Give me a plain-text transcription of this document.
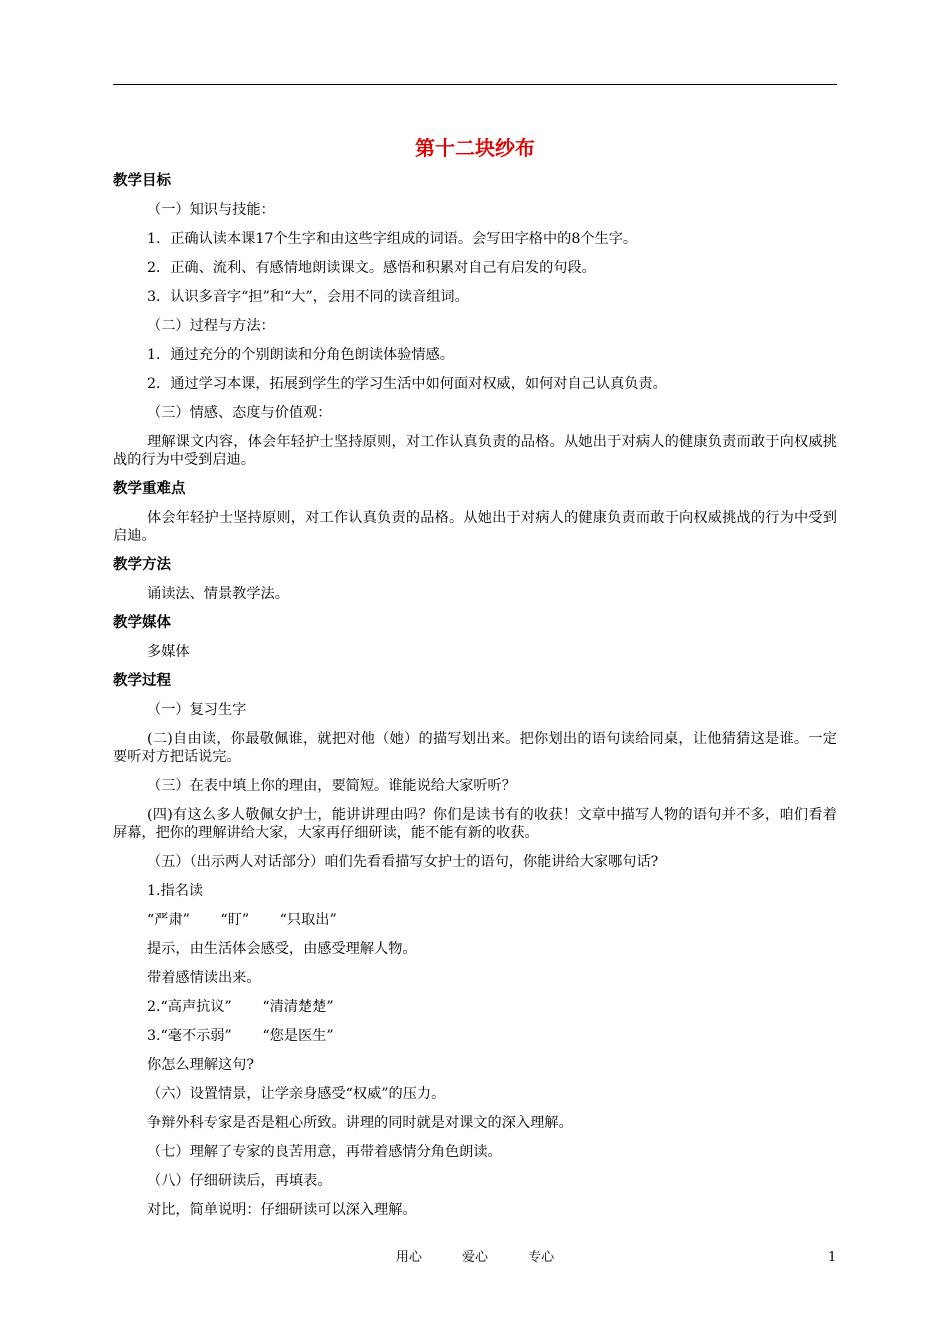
第十二块纱布
教学目标
（一）知识与技能：
1．正确认读本课17个生字和由这些字组成的词语。会写田字格中的8个生字。
2．正确、流利、有感情地朗读课文。感悟和积累对自己有启发的句段。
3．认识多音字“担”和“大”，会用不同的读音组词。
（二）过程与方法：
1．通过充分的个别朗读和分角色朗读体验情感。
2．通过学习本课，拓展到学生的学习生活中如何面对权威，如何对自己认真负责。
（三）情感、态度与价值观：
理解课文内容，体会年轻护士坚持原则，对工作认真负责的品格。从她出于对病人的健康负责而敢于向权威挑战的行为中受到启迪。
教学重难点
体会年轻护士坚持原则，对工作认真负责的品格。从她出于对病人的健康负责而敢于向权威挑战的行为中受到启迪。
教学方法
诵读法、情景教学法。
教学媒体
多媒体
教学过程
（一）复习生字
(二)自由读，你最敬佩谁，就把对他（她）的描写划出来。把你划出的语句读给同桌，让他猜猜这是谁。一定要听对方把话说完。
（三）在表中填上你的理由，要简短。谁能说给大家听听？
(四)有这么多人敬佩女护士，能讲讲理由吗？你们是读书有的收获！文章中描写人物的语句并不多，咱们看着屏幕，把你的理解讲给大家，大家再仔细研读，能不能有新的收获。
（五）（出示两人对话部分）咱们先看看描写女护士的语句，你能讲给大家哪句话?
1.指名读
“严肃” “盯” “只取出”
提示，由生活体会感受，由感受理解人物。
带着感情读出来。
2.“高声抗议” “清清楚楚”
3.“毫不示弱” “您是医生”
你怎么理解这句?
（六）设置情景，让学亲身感受“权威”的压力。
争辩外科专家是否是粗心所致。讲理的同时就是对课文的深入理解。
（七）理解了专家的良苦用意，再带着感情分角色朗读。
（八）仔细研读后，再填表。
对比，简单说明：仔细研读可以深入理解。
用心	爱心	专心	1
